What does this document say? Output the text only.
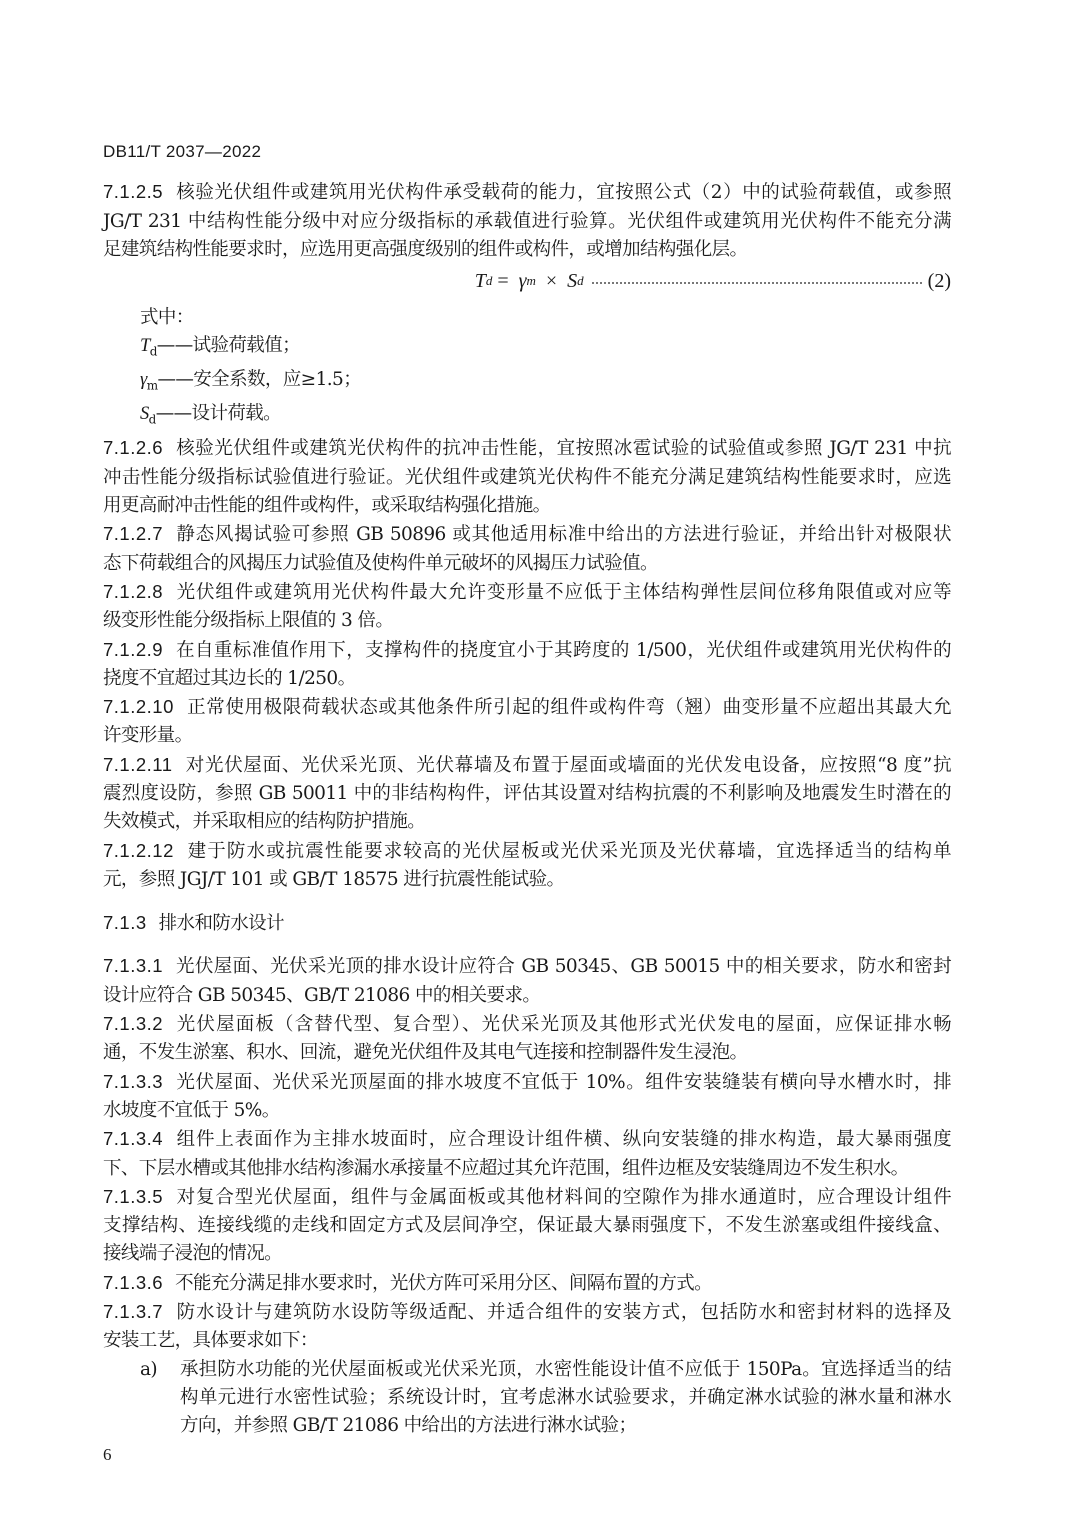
DB11/T 2037—2022
7.1.2.5 核验光伏组件或建筑用光伏构件承受载荷的能力，宜按照公式（2）中的试验荷载值，或参照
JG/T 231 中结构性能分级中对应分级指标的承载值进行验算。光伏组件或建筑用光伏构件不能充分满
足建筑结构性能要求时，应选用更高强度级别的组件或构件，或增加结构强化层。
T d
=
γ m
×
S d	(2)
式中：
$T_d——$试验荷载值；
$\gamma_m——$安全系数，应≥1.5；
$S_d——$设计荷载。
7.1.2.6 核验光伏组件或建筑光伏构件的抗冲击性能，宜按照冰雹试验的试验值或参照 JG/T 231 中抗
冲击性能分级指标试验值进行验证。光伏组件或建筑光伏构件不能充分满足建筑结构性能要求时，应选
用更高耐冲击性能的组件或构件，或采取结构强化措施。
7.1.2.7 静态风揭试验可参照 GB 50896 或其他适用标准中给出的方法进行验证，并给出针对极限状
态下荷载组合的风揭压力试验值及使构件单元破坏的风揭压力试验值。
7.1.2.8 光伏组件或建筑用光伏构件最大允许变形量不应低于主体结构弹性层间位移角限值或对应等
级变形性能分级指标上限值的 3 倍。
7.1.2.9 在自重标准值作用下，支撑构件的挠度宜小于其跨度的 1/500，光伏组件或建筑用光伏构件的
挠度不宜超过其边长的 1/250。
7.1.2.10 正常使用极限荷载状态或其他条件所引起的组件或构件弯（翘）曲变形量不应超出其最大允
许变形量。
7.1.2.11 对光伏屋面、光伏采光顶、光伏幕墙及布置于屋面或墙面的光伏发电设备，应按照“8 度”抗
震烈度设防，参照 GB 50011 中的非结构构件，评估其设置对结构抗震的不利影响及地震发生时潜在的
失效模式，并采取相应的结构防护措施。
7.1.2.12 建于防水或抗震性能要求较高的光伏屋板或光伏采光顶及光伏幕墙，宜选择适当的结构单
元，参照 JGJ/T 101 或 GB/T 18575 进行抗震性能试验。
7.1.3 排水和防水设计
7.1.3.1 光伏屋面、光伏采光顶的排水设计应符合 GB 50345、GB 50015 中的相关要求，防水和密封
设计应符合 GB 50345、GB/T 21086 中的相关要求。
7.1.3.2 光伏屋面板（含替代型、复合型）、光伏采光顶及其他形式光伏发电的屋面，应保证排水畅
通，不发生淤塞、积水、回流，避免光伏组件及其电气连接和控制器件发生浸泡。
7.1.3.3 光伏屋面、光伏采光顶屋面的排水坡度不宜低于 10%。组件安装缝装有横向导水槽水时，排
水坡度不宜低于 5%。
7.1.3.4 组件上表面作为主排水坡面时，应合理设计组件横、纵向安装缝的排水构造，最大暴雨强度
下、下层水槽或其他排水结构渗漏水承接量不应超过其允许范围，组件边框及安装缝周边不发生积水。
7.1.3.5 对复合型光伏屋面，组件与金属面板或其他材料间的空隙作为排水通道时，应合理设计组件
支撑结构、连接线缆的走线和固定方式及层间净空，保证最大暴雨强度下，不发生淤塞或组件接线盒、
接线端子浸泡的情况。
7.1.3.6 不能充分满足排水要求时，光伏方阵可采用分区、间隔布置的方式。
7.1.3.7 防水设计与建筑防水设防等级适配、并适合组件的安装方式，包括防水和密封材料的选择及
安装工艺，具体要求如下：
a) 承担防水功能的光伏屋面板或光伏采光顶，水密性能设计值不应低于 150Pa。宜选择适当的结
构单元进行水密性试验；系统设计时，宜考虑淋水试验要求，并确定淋水试验的淋水量和淋水
方向，并参照 GB/T 21086 中给出的方法进行淋水试验；
6
